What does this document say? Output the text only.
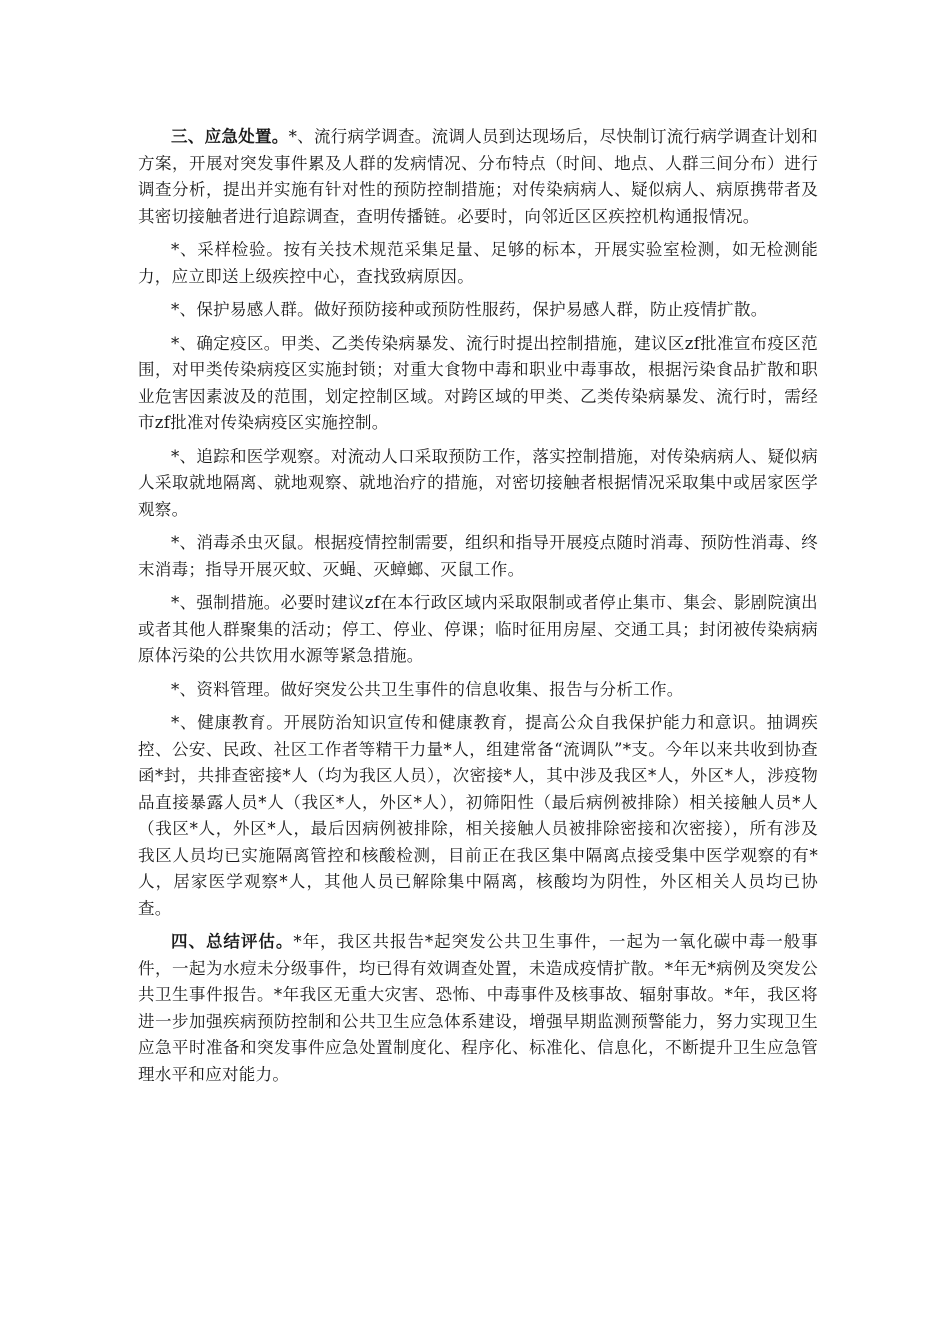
三、应急处置。*、流行病学调查。流调人员到达现场后，尽快制订流行病学调查计划和方案，开展对突发事件累及人群的发病情况、分布特点（时间、地点、人群三间分布）进行调查分析，提出并实施有针对性的预防控制措施；对传染病病人、疑似病人、病原携带者及其密切接触者进行追踪调查，查明传播链。必要时，向邻近区区疾控机构通报情况。

*、采样检验。按有关技术规范采集足量、足够的标本，开展实验室检测，如无检测能力，应立即送上级疾控中心，查找致病原因。

*、保护易感人群。做好预防接种或预防性服药，保护易感人群，防止疫情扩散。

*、确定疫区。甲类、乙类传染病暴发、流行时提出控制措施，建议区zf批准宣布疫区范围，对甲类传染病疫区实施封锁；对重大食物中毒和职业中毒事故，根据污染食品扩散和职业危害因素波及的范围，划定控制区域。对跨区域的甲类、乙类传染病暴发、流行时，需经市zf批准对传染病疫区实施控制。

*、追踪和医学观察。对流动人口采取预防工作，落实控制措施，对传染病病人、疑似病人采取就地隔离、就地观察、就地治疗的措施，对密切接触者根据情况采取集中或居家医学观察。

*、消毒杀虫灭鼠。根据疫情控制需要，组织和指导开展疫点随时消毒、预防性消毒、终末消毒；指导开展灭蚊、灭蝇、灭蟑螂、灭鼠工作。

*、强制措施。必要时建议zf在本行政区域内采取限制或者停止集市、集会、影剧院演出或者其他人群聚集的活动；停工、停业、停课；临时征用房屋、交通工具；封闭被传染病病原体污染的公共饮用水源等紧急措施。

*、资料管理。做好突发公共卫生事件的信息收集、报告与分析工作。

*、健康教育。开展防治知识宣传和健康教育，提高公众自我保护能力和意识。抽调疾控、公安、民政、社区工作者等精干力量*人，组建常备“流调队”*支。今年以来共收到协查函*封，共排查密接*人（均为我区人员），次密接*人，其中涉及我区*人，外区*人，涉疫物品直接暴露人员*人（我区*人，外区*人），初筛阳性（最后病例被排除）相关接触人员*人（我区*人，外区*人，最后因病例被排除，相关接触人员被排除密接和次密接），所有涉及我区人员均已实施隔离管控和核酸检测，目前正在我区集中隔离点接受集中医学观察的有*人，居家医学观察*人，其他人员已解除集中隔离，核酸均为阴性，外区相关人员均已协查。

四、总结评估。*年，我区共报告*起突发公共卫生事件，一起为一氧化碳中毒一般事件，一起为水痘未分级事件，均已得有效调查处置，未造成疫情扩散。*年无*病例及突发公共卫生事件报告。*年我区无重大灾害、恐怖、中毒事件及核事故、辐射事故。*年，我区将进一步加强疾病预防控制和公共卫生应急体系建设，增强早期监测预警能力，努力实现卫生应急平时准备和突发事件应急处置制度化、程序化、标准化、信息化，不断提升卫生应急管理水平和应对能力。
